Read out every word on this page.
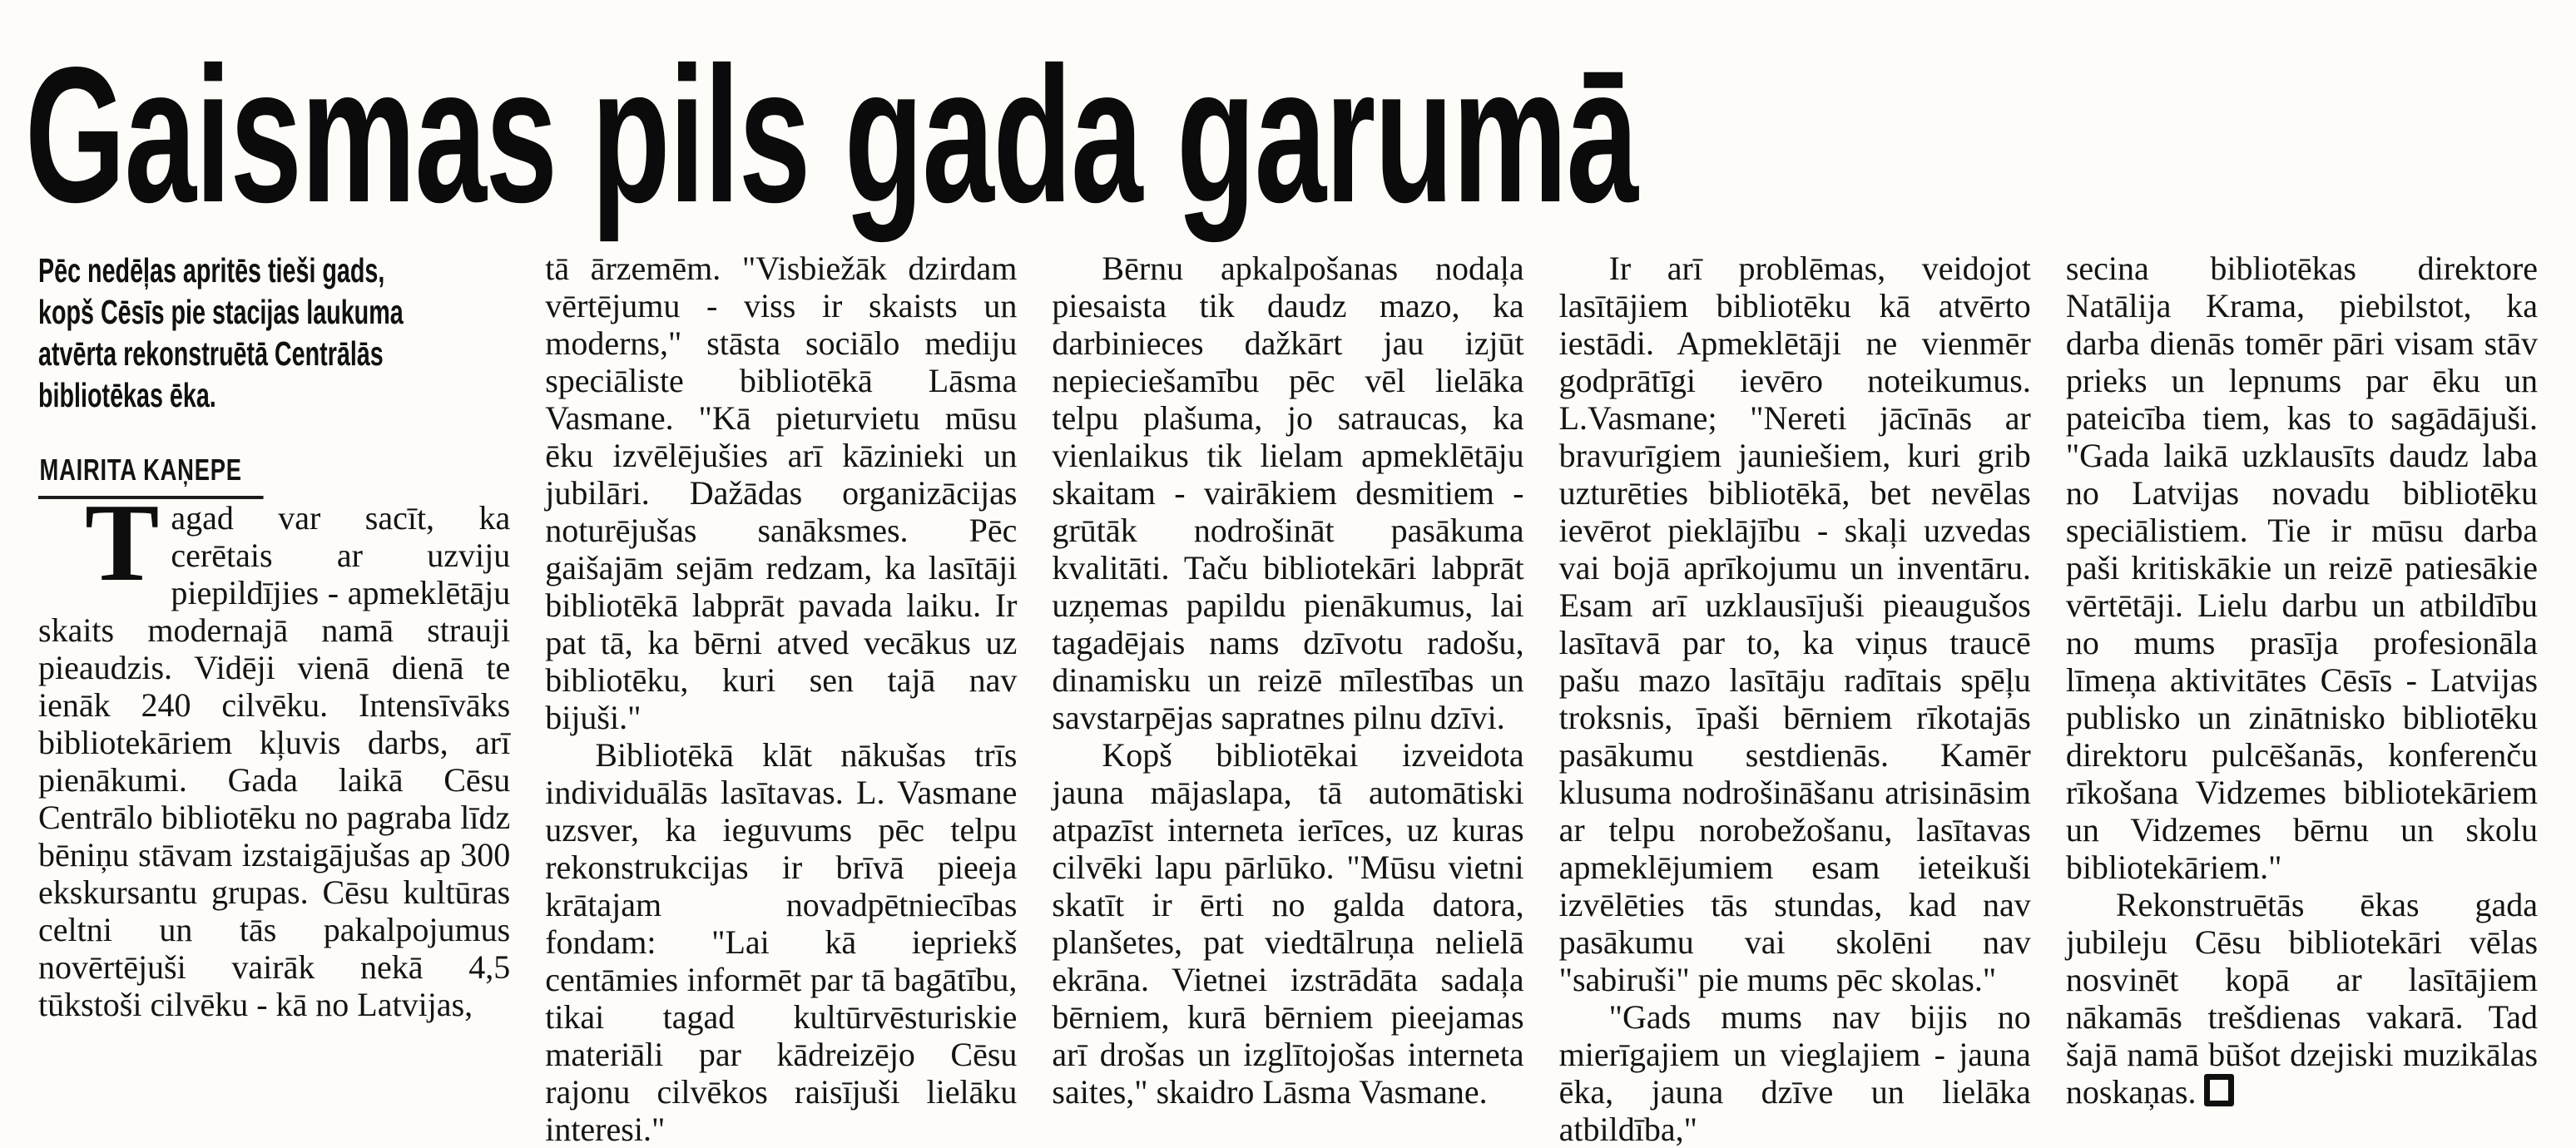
Gaismas pils gada garumā
Pēc nedēļas apritēs tieši gads, kopš Cēsīs pie stacijas laukuma atvērta rekonstruētā Centrālās bibliotēkas ēka.
MAIRITA KAŅEPE

Tagad var sacīt, ka cerētais ar uzviju piepildījies - apmeklētāju skaits modernajā namā strauji pieaudzis. Vidēji vienā dienā te ienāk 240 cilvēku. Intensīvāks bibliotekāriem kļuvis darbs, arī pienākumi. Gada laikā Cēsu Centrālo bibliotēku no pagraba līdz bēniņu stāvam izstaigājušas ap 300 ekskursantu grupas. Cēsu kultūras celtni un tās pakalpojumus novērtējuši vairāk nekā 4,5 tūkstoši cilvēku - kā no Latvijas,

tā ārzemēm. "Visbiežāk dzirdam vērtējumu - viss ir skaists un moderns," stāsta sociālo mediju speciāliste bibliotēkā Lāsma Vasmane. "Kā pieturvietu mūsu ēku izvēlējušies arī kāzinieki un jubilāri. Dažādas organizācijas noturējušas sanāksmes. Pēc gaišajām sejām redzam, ka lasītāji bibliotēkā labprāt pavada laiku. Ir pat tā, ka bērni atved vecākus uz bibliotēku, kuri sen tajā nav bijuši."

Bibliotēkā klāt nākušas trīs individuālās lasītavas. L. Vasmane uzsver, ka ieguvums pēc telpu rekonstrukcijas ir brīvā pieeja krātajam novadpētniecības fondam: "Lai kā iepriekš centāmies informēt par tā bagātību, tikai tagad kultūrvēsturiskie materiāli par kādreizējo Cēsu rajonu cilvēkos raisījuši lielāku interesi."

Bērnu apkalpošanas nodaļa piesaista tik daudz mazo, ka darbinieces dažkārt jau izjūt nepieciešamību pēc vēl lielāka telpu plašuma, jo satraucas, ka vienlaikus tik lielam apmeklētāju skaitam - vairākiem desmitiem - grūtāk nodrošināt pasākuma kvalitāti. Taču bibliotekāri labprāt uzņemas papildu pienākumus, lai tagadējais nams dzīvotu radošu, dinamisku un reizē mīlestības un savstarpējas sapratnes pilnu dzīvi.

Kopš bibliotēkai izveidota jauna mājaslapa, tā automātiski atpazīst interneta ierīces, uz kuras cilvēki lapu pārlūko. "Mūsu vietni skatīt ir ērti no galda datora, planšetes, pat viedtālruņa nelielā ekrāna. Vietnei izstrādāta sadaļa bērniem, kurā bērniem pieejamas arī drošas un izglītojošas interneta saites," skaidro Lāsma Vasmane.

Ir arī problēmas, veidojot lasītājiem bibliotēku kā atvērto iestādi. Apmeklētāji ne vienmēr godprātīgi ievēro noteikumus. L.Vasmane; "Nereti jācīnās ar bravurīgiem jauniešiem, kuri grib uzturēties bibliotēkā, bet nevēlas ievērot pieklājību - skaļi uzvedas vai bojā aprīkojumu un inventāru. Esam arī uzklausījuši pieaugušos lasītavā par to, ka viņus traucē pašu mazo lasītāju radītais spēļu troksnis, īpaši bērniem rīkotajās pasākumu sestdienās. Kamēr klusuma nodrošināšanu atrisināsim ar telpu norobežošanu, lasītavas apmeklējumiem esam ieteikuši izvēlēties tās stundas, kad nav pasākumu vai skolēni nav "sabiruši" pie mums pēc skolas."

"Gads mums nav bijis no mierīgajiem un vieglajiem - jauna ēka, jauna dzīve un lielāka atbildība,"

secina bibliotēkas direktore Natālija Krama, piebilstot, ka darba dienās tomēr pāri visam stāv prieks un lepnums par ēku un pateicība tiem, kas to sagādājuši. "Gada laikā uzklausīts daudz laba no Latvijas novadu bibliotēku speciālistiem. Tie ir mūsu darba paši kritiskākie un reizē patiesākie vērtētāji. Lielu darbu un atbildību no mums prasīja profesionāla līmeņa aktivitātes Cēsīs - Latvijas publisko un zinātnisko bibliotēku direktoru pulcēšanās, konferenču rīkošana Vidzemes bibliotekāriem un Vidzemes bērnu un skolu bibliotekāriem."

Rekonstruētās ēkas gada jubileju Cēsu bibliotekāri vēlas nosvinēt kopā ar lasītājiem nākamās trešdienas vakarā. Tad šajā namā būšot dzejiski muzikālas noskaņas.
